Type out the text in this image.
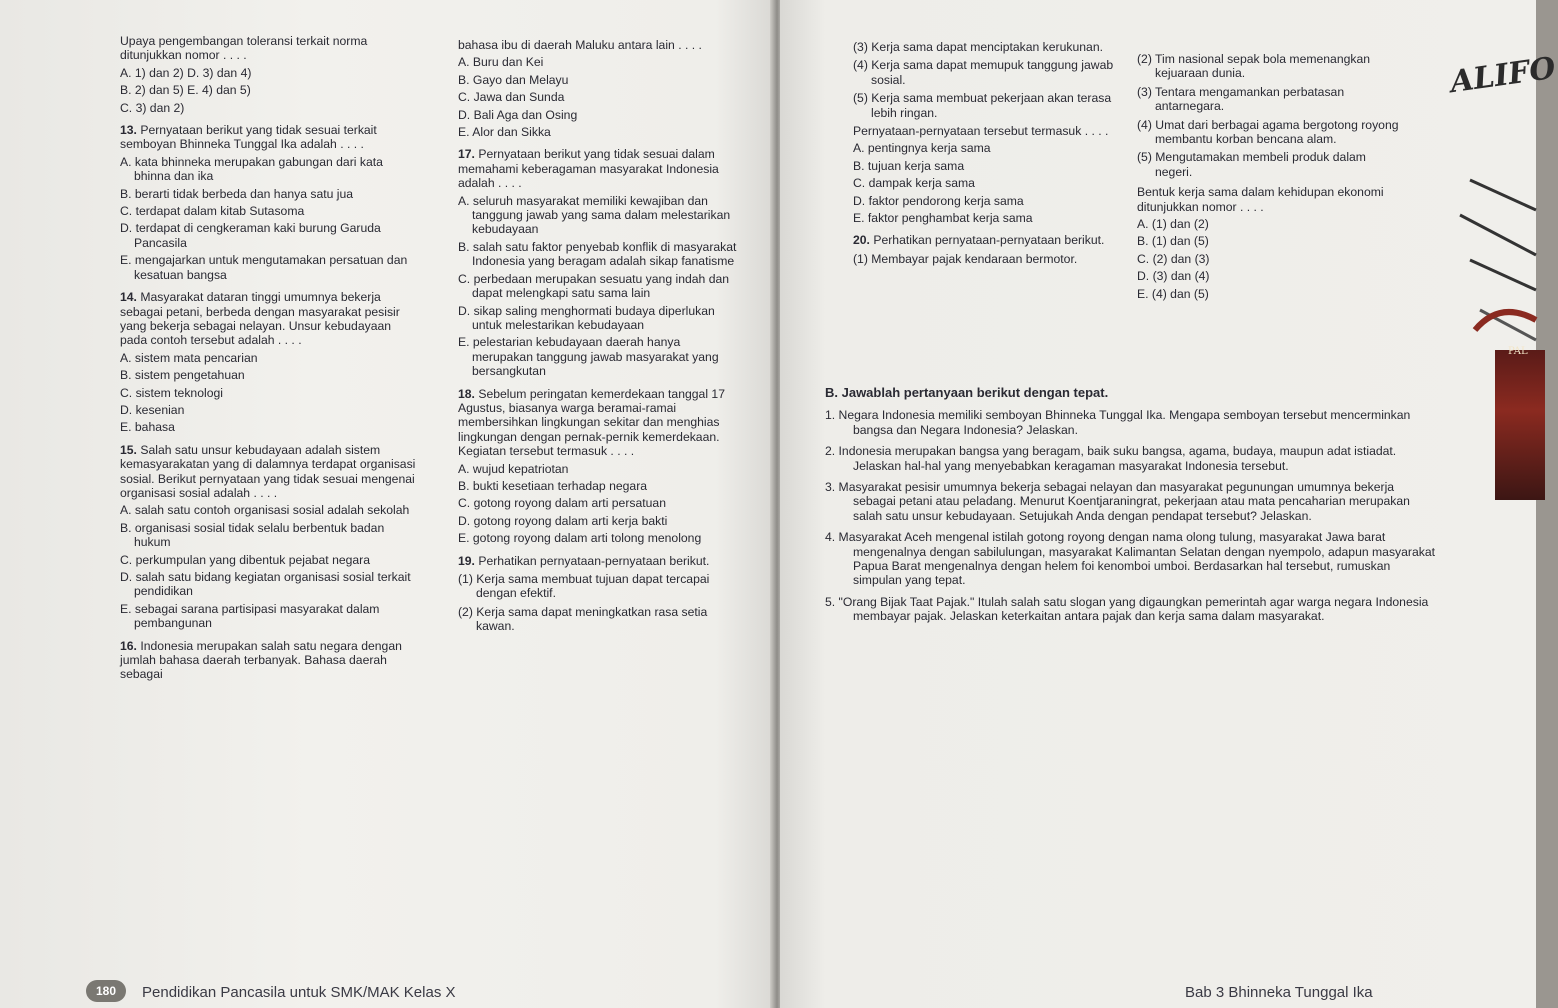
Upaya pengembangan toleransi terkait norma ditunjukkan nomor . . . .
A. 1) dan 2) D. 3) dan 4)
B. 2) dan 5) E. 4) dan 5)
C. 3) dan 2)
13. Pernyataan berikut yang tidak sesuai terkait semboyan Bhinneka Tunggal Ika adalah . . . .
A. kata bhinneka merupakan gabungan dari kata bhinna dan ika
B. berarti tidak berbeda dan hanya satu jua
C. terdapat dalam kitab Sutasoma
D. terdapat di cengkeraman kaki burung Garuda Pancasila
E. mengajarkan untuk mengutamakan persatuan dan kesatuan bangsa
14. Masyarakat dataran tinggi umumnya bekerja sebagai petani, berbeda dengan masyarakat pesisir yang bekerja sebagai nelayan. Unsur kebudayaan pada contoh tersebut adalah . . . .
A. sistem mata pencarian
B. sistem pengetahuan
C. sistem teknologi
D. kesenian
E. bahasa
15. Salah satu unsur kebudayaan adalah sistem kemasyarakatan yang di dalamnya terdapat organisasi sosial. Berikut pernyataan yang tidak sesuai mengenai organisasi sosial adalah . . . .
A. salah satu contoh organisasi sosial adalah sekolah
B. organisasi sosial tidak selalu berbentuk badan hukum
C. perkumpulan yang dibentuk pejabat negara
D. salah satu bidang kegiatan organisasi sosial terkait pendidikan
E. sebagai sarana partisipasi masyarakat dalam pembangunan
16. Indonesia merupakan salah satu negara dengan jumlah bahasa daerah terbanyak. Bahasa daerah sebagai
bahasa ibu di daerah Maluku antara lain . . . .
A. Buru dan Kei
B. Gayo dan Melayu
C. Jawa dan Sunda
D. Bali Aga dan Osing
E. Alor dan Sikka
17. Pernyataan berikut yang tidak sesuai dalam memahami keberagaman masyarakat Indonesia adalah . . . .
A. seluruh masyarakat memiliki kewajiban dan tanggung jawab yang sama dalam melestarikan kebudayaan
B. salah satu faktor penyebab konflik di masyarakat Indonesia yang beragam adalah sikap fanatisme
C. perbedaan merupakan sesuatu yang indah dan dapat melengkapi satu sama lain
D. sikap saling menghormati budaya diperlukan untuk melestarikan kebudayaan
E. pelestarian kebudayaan daerah hanya merupakan tanggung jawab masyarakat yang bersangkutan
18. Sebelum peringatan kemerdekaan tanggal 17 Agustus, biasanya warga beramai-ramai membersihkan lingkungan sekitar dan menghias lingkungan dengan pernak-pernik kemerdekaan. Kegiatan tersebut termasuk . . . .
A. wujud kepatriotan
B. bukti kesetiaan terhadap negara
C. gotong royong dalam arti persatuan
D. gotong royong dalam arti kerja bakti
E. gotong royong dalam arti tolong menolong
19. Perhatikan pernyataan-pernyataan berikut.
(1) Kerja sama membuat tujuan dapat tercapai dengan efektif.
(2) Kerja sama dapat meningkatkan rasa setia kawan.
180	Pendidikan Pancasila untuk SMK/MAK Kelas X
(3) Kerja sama dapat menciptakan kerukunan.
(4) Kerja sama dapat memupuk tanggung jawab sosial.
(5) Kerja sama membuat pekerjaan akan terasa lebih ringan.
Pernyataan-pernyataan tersebut termasuk . . . .
A. pentingnya kerja sama
B. tujuan kerja sama
C. dampak kerja sama
D. faktor pendorong kerja sama
E. faktor penghambat kerja sama
20. Perhatikan pernyataan-pernyataan berikut.
(1) Membayar pajak kendaraan bermotor.
(2) Tim nasional sepak bola memenangkan kejuaraan dunia.
(3) Tentara mengamankan perbatasan antarnegara.
(4) Umat dari berbagai agama bergotong royong membantu korban bencana alam.
(5) Mengutamakan membeli produk dalam negeri.
Bentuk kerja sama dalam kehidupan ekonomi ditunjukkan nomor . . . .
A. (1) dan (2)
B. (1) dan (5)
C. (2) dan (3)
D. (3) dan (4)
E. (4) dan (5)
B. Jawablah pertanyaan berikut dengan tepat.
1. Negara Indonesia memiliki semboyan Bhinneka Tunggal Ika. Mengapa semboyan tersebut mencerminkan bangsa dan Negara Indonesia? Jelaskan.
2. Indonesia merupakan bangsa yang beragam, baik suku bangsa, agama, budaya, maupun adat istiadat. Jelaskan hal-hal yang menyebabkan keragaman masyarakat Indonesia tersebut.
3. Masyarakat pesisir umumnya bekerja sebagai nelayan dan masyarakat pegunungan umumnya bekerja sebagai petani atau peladang. Menurut Koentjaraningrat, pekerjaan atau mata pencaharian merupakan salah satu unsur kebudayaan. Setujukah Anda dengan pendapat tersebut? Jelaskan.
4. Masyarakat Aceh mengenal istilah gotong royong dengan nama olong tulung, masyarakat Jawa barat mengenalnya dengan sabilulungan, masyarakat Kalimantan Selatan dengan nyempolo, adapun masyarakat Papua Barat mengenalnya dengan helem foi kenomboi umboi. Berdasarkan hal tersebut, rumuskan simpulan yang tepat.
5. "Orang Bijak Taat Pajak." Itulah salah satu slogan yang digaungkan pemerintah agar warga negara Indonesia membayar pajak. Jelaskan keterkaitan antara pajak dan kerja sama dalam masyarakat.
ALIFO
PAL
Bab 3 Bhinneka Tunggal Ika
